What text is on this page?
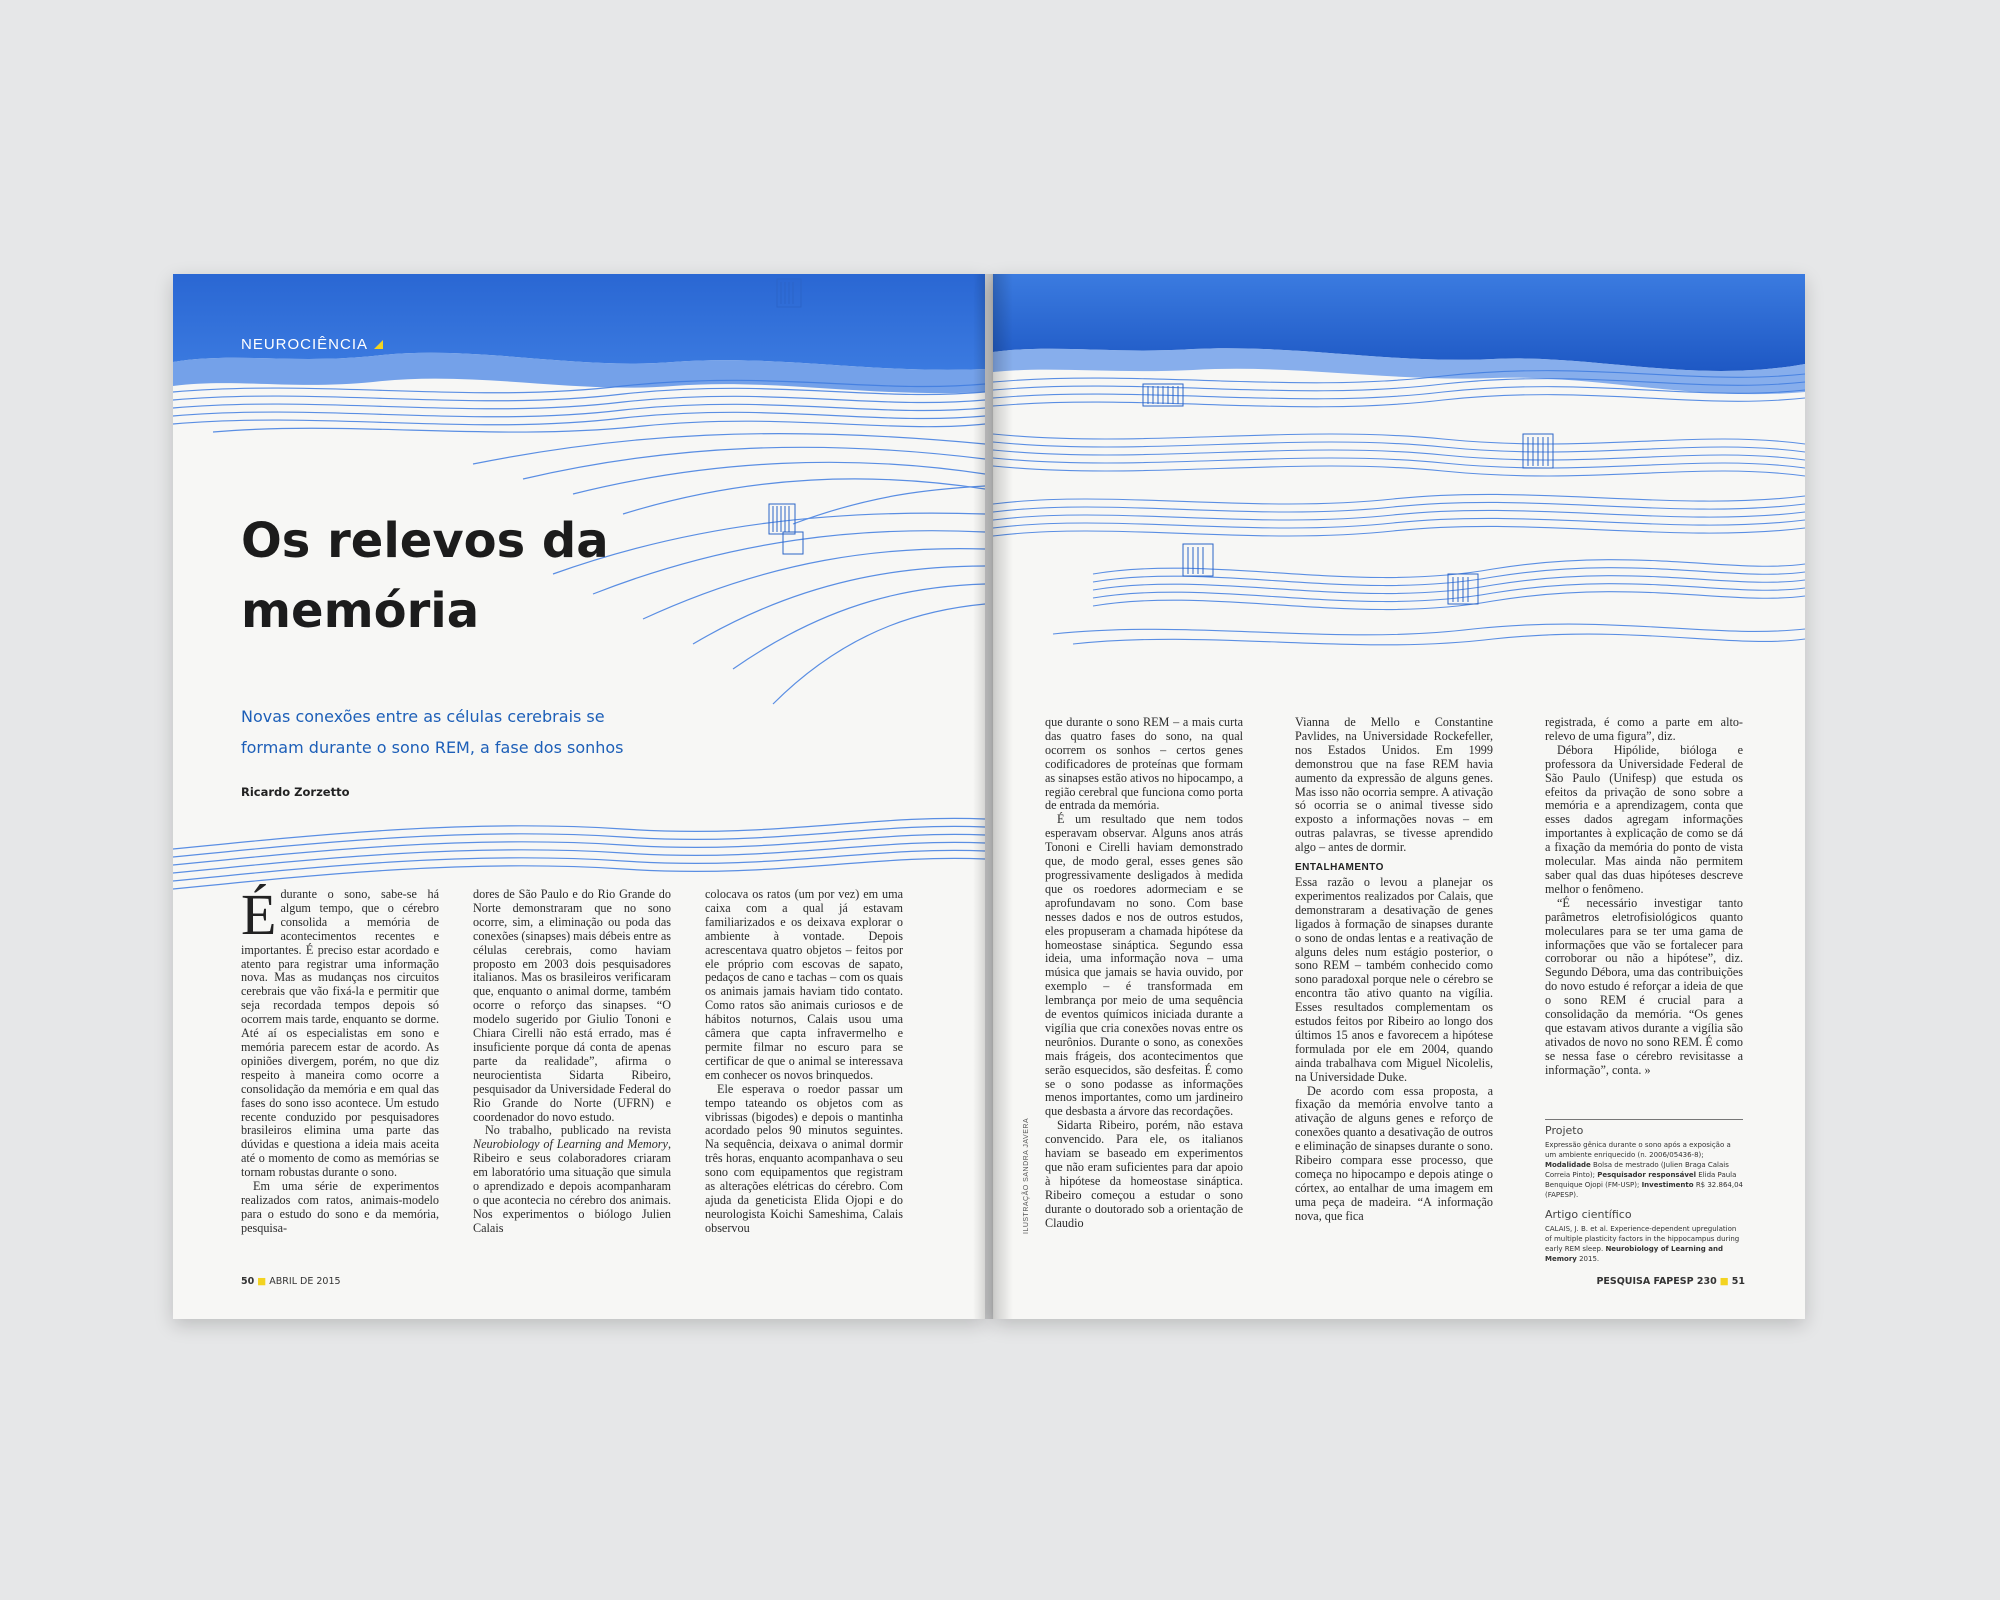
NEUROCIÊNCIA
Os relevos da
memória
Novas conexões entre as células cerebrais se
formam durante o sono REM, a fase dos sonhos
Ricardo Zorzetto
É durante o sono, sabe-se há algum tempo, que o cérebro consolida a memória de acontecimentos recentes e importantes. É preciso estar acordado e atento para registrar uma informação nova. Mas as mudanças nos circuitos cerebrais que vão fixá-la e permitir que seja recordada tempos depois só ocorrem mais tarde, enquanto se dorme. Até aí os especialistas em sono e memória parecem estar de acordo. As opiniões divergem, porém, no que diz respeito à maneira como ocorre a consolidação da memória e em qual das fases do sono isso acontece. Um estudo recente conduzido por pesquisadores brasileiros elimina uma parte das dúvidas e questiona a ideia mais aceita até o momento de como as memórias se tornam robustas durante o sono.

Em uma série de experimentos realizados com ratos, animais-modelo para o estudo do sono e da memória, pesquisa-

dores de São Paulo e do Rio Grande do Norte demonstraram que no sono ocorre, sim, a eliminação ou poda das conexões (sinapses) mais débeis entre as células cerebrais, como haviam proposto em 2003 dois pesquisadores italianos. Mas os brasileiros verificaram que, enquanto o animal dorme, também ocorre o reforço das sinapses. “O modelo sugerido por Giulio Tononi e Chiara Cirelli não está errado, mas é insuficiente porque dá conta de apenas parte da realidade”, afirma o neurocientista Sidarta Ribeiro, pesquisador da Universidade Federal do Rio Grande do Norte (UFRN) e coordenador do novo estudo.

No trabalho, publicado na revista Neurobiology of Learning and Memory, Ribeiro e seus colaboradores criaram em laboratório uma situação que simula o aprendizado e depois acompanharam o que acontecia no cérebro dos animais. Nos experimentos o biólogo Julien Calais

colocava os ratos (um por vez) em uma caixa com a qual já estavam familiarizados e os deixava explorar o ambiente à vontade. Depois acrescentava quatro objetos – feitos por ele próprio com escovas de sapato, pedaços de cano e tachas – com os quais os animais jamais haviam tido contato. Como ratos são animais curiosos e de hábitos noturnos, Calais usou uma câmera que capta infravermelho e permite filmar no escuro para se certificar de que o animal se interessava em conhecer os novos brinquedos.

Ele esperava o roedor passar um tempo tateando os objetos com as vibrissas (bigodes) e depois o mantinha acordado pelos 90 minutos seguintes. Na sequência, deixava o animal dormir três horas, enquanto acompanhava o seu sono com equipamentos que registram as alterações elétricas do cérebro. Com ajuda da geneticista Elida Ojopi e do neurologista Koichi Sameshima, Calais observou

50 ■ ABRIL DE 2015
ILUSTRAÇÃO SANDRA JAVERA

que durante o sono REM – a mais curta das quatro fases do sono, na qual ocorrem os sonhos – certos genes codificadores de proteínas que formam as sinapses estão ativos no hipocampo, a região cerebral que funciona como porta de entrada da memória.

É um resultado que nem todos esperavam observar. Alguns anos atrás Tononi e Cirelli haviam demonstrado que, de modo geral, esses genes são progressivamente desligados à medida que os roedores adormeciam e se aprofundavam no sono. Com base nesses dados e nos de outros estudos, eles propuseram a chamada hipótese da homeostase sináptica. Segundo essa ideia, uma informação nova – uma música que jamais se havia ouvido, por exemplo – é transformada em lembrança por meio de uma sequência de eventos químicos iniciada durante a vigília que cria conexões novas entre os neurônios. Durante o sono, as conexões mais frágeis, dos acontecimentos que serão esquecidos, são desfeitas. É como se o sono podasse as informações menos importantes, como um jardineiro que desbasta a árvore das recordações.

Sidarta Ribeiro, porém, não estava convencido. Para ele, os italianos haviam se baseado em experimentos que não eram suficientes para dar apoio à hipótese da homeostase sináptica. Ribeiro começou a estudar o sono durante o doutorado sob a orientação de Claudio

Vianna de Mello e Constantine Pavlides, na Universidade Rockefeller, nos Estados Unidos. Em 1999 demonstrou que na fase REM havia aumento da expressão de alguns genes. Mas isso não ocorria sempre. A ativação só ocorria se o animal tivesse sido exposto a informações novas – em outras palavras, se tivesse aprendido algo – antes de dormir.

ENTALHAMENTO

Essa razão o levou a planejar os experimentos realizados por Calais, que demonstraram a desativação de genes ligados à formação de sinapses durante o sono de ondas lentas e a reativação de alguns deles num estágio posterior, o sono REM – também conhecido como sono paradoxal porque nele o cérebro se encontra tão ativo quanto na vigília. Esses resultados complementam os estudos feitos por Ribeiro ao longo dos últimos 15 anos e favorecem a hipótese formulada por ele em 2004, quando ainda trabalhava com Miguel Nicolelis, na Universidade Duke.

De acordo com essa proposta, a fixação da memória envolve tanto a ativação de alguns genes e reforço de conexões quanto a desativação de outros e eliminação de sinapses durante o sono. Ribeiro compara esse processo, que começa no hipocampo e depois atinge o córtex, ao entalhar de uma imagem em uma peça de madeira. “A informação nova, que fica

registrada, é como a parte em alto-relevo de uma figura”, diz.

Débora Hipólide, bióloga e professora da Universidade Federal de São Paulo (Unifesp) que estuda os efeitos da privação de sono sobre a memória e a aprendizagem, conta que esses dados agregam informações importantes à explicação de como se dá a fixação da memória do ponto de vista molecular. Mas ainda não permitem saber qual das duas hipóteses descreve melhor o fenômeno.

“É necessário investigar tanto parâmetros eletrofisiológicos quanto moleculares para se ter uma gama de informações que vão se fortalecer para corroborar ou não a hipótese”, diz. Segundo Débora, uma das contribuições do novo estudo é reforçar a ideia de que o sono REM é crucial para a consolidação da memória. “Os genes que estavam ativos durante a vigília são ativados de novo no sono REM. É como se nessa fase o cérebro revisitasse a informação”, conta. »

Projeto
Expressão gênica durante o sono após a exposição a um ambiente enriquecido (n. 2006/05436-8); Modalidade Bolsa de mestrado (Julien Braga Calais Correia Pinto); Pesquisador responsável Elida Paula Benquique Ojopi (FM-USP); Investimento R$ 32.864,04 (FAPESP).
Artigo científico
CALAIS, J. B. et al. Experience-dependent upregulation of multiple plasticity factors in the hippocampus during early REM sleep. Neurobiology of Learning and Memory 2015.
PESQUISA FAPESP 230 ■ 51
